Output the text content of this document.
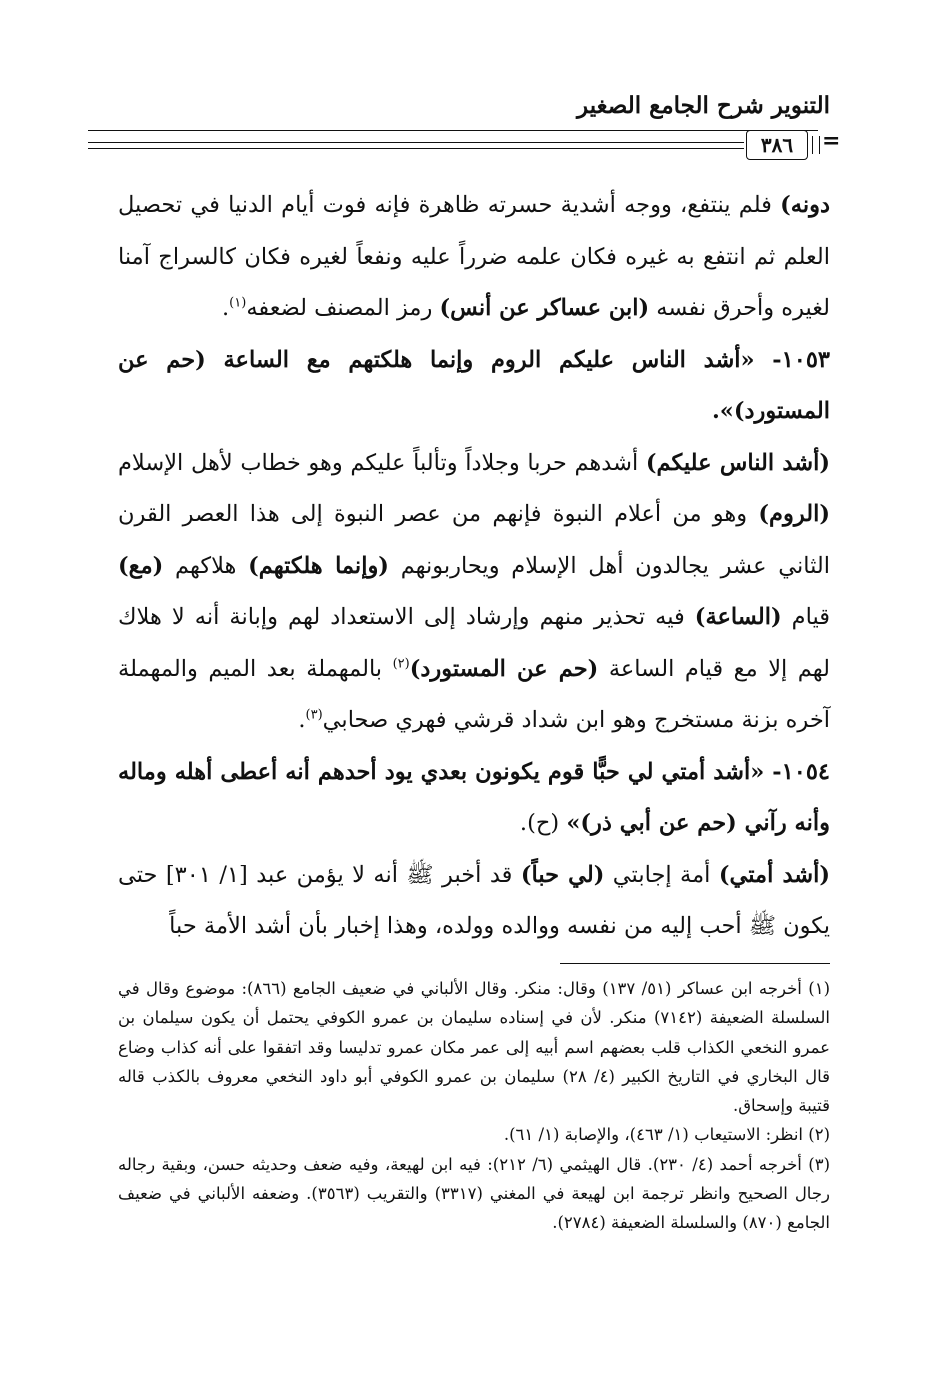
التنوير شرح الجامع الصغير
٣٨٦ =

دونه) فلم ينتفع، ووجه أشدية حسرته ظاهرة فإنه فوت أيام الدنيا في تحصيل العلم ثم انتفع به غيره فكان علمه ضرراً عليه ونفعاً لغيره فكان كالسراج آمنا لغيره وأحرق نفسه (ابن عساكر عن أنس) رمز المصنف لضعفه$^{(١)}$.

١٠٥٣- «أشد الناس عليكم الروم وإنما هلكتهم مع الساعة (حم عن المستورد)».

(أشد الناس عليكم) أشدهم حربا وجلاداً وتألباً عليكم وهو خطاب لأهل الإسلام (الروم) وهو من أعلام النبوة فإنهم من عصر النبوة إلى هذا العصر القرن الثاني عشر يجالدون أهل الإسلام ويحاربونهم (وإنما هلكتهم) هلاكهم (مع) قيام (الساعة) فيه تحذير منهم وإرشاد إلى الاستعداد لهم وإبانة أنه لا هلاك لهم إلا مع قيام الساعة (حم عن المستورد)$^{(٢)}$ بالمهملة بعد الميم والمهملة آخره بزنة مستخرج وهو ابن شداد قرشي فهري صحابي$^{(٣)}$.

١٠٥٤- «أشد أمتي لي حبًّا قوم يكونون بعدي يود أحدهم أنه أعطى أهله وماله وأنه رآني (حم عن أبي ذر)» (ح).

(أشد أمتي) أمة إجابتي (لي حباً) قد أخبر ﷺ أنه لا يؤمن عبد [١/ ٣٠١] حتى يكون ﷺ أحب إليه من نفسه ووالده وولده، وهذا إخبار بأن أشد الأمة حباً

(١) أخرجه ابن عساكر (٥١/ ١٣٧) وقال: منكر. وقال الألباني في ضعيف الجامع (٨٦٦): موضوع وقال في السلسلة الضعيفة (٧١٤٢) منكر. لأن في إسناده سليمان بن عمرو الكوفي يحتمل أن يكون سيلمان بن عمرو النخعي الكذاب قلب بعضهم اسم أبيه إلى عمر مكان عمرو تدليسا وقد اتفقوا على أنه كذاب وضاع قال البخاري في التاريخ الكبير (٤/ ٢٨) سليمان بن عمرو الكوفي أبو داود النخعي معروف بالكذب قاله قتيبة وإسحاق.

(٢) انظر: الاستيعاب (١/ ٤٦٣)، والإصابة (١/ ٦١).

(٣) أخرجه أحمد (٤/ ٢٣٠). قال الهيثمي (٦/ ٢١٢): فيه ابن لهيعة، وفيه ضعف وحديثه حسن، وبقية رجاله رجال الصحيح وانظر ترجمة ابن لهيعة في المغني (٣٣١٧) والتقريب (٣٥٦٣). وضعفه الألباني في ضعيف الجامع (٨٧٠) والسلسلة الضعيفة (٢٧٨٤).
